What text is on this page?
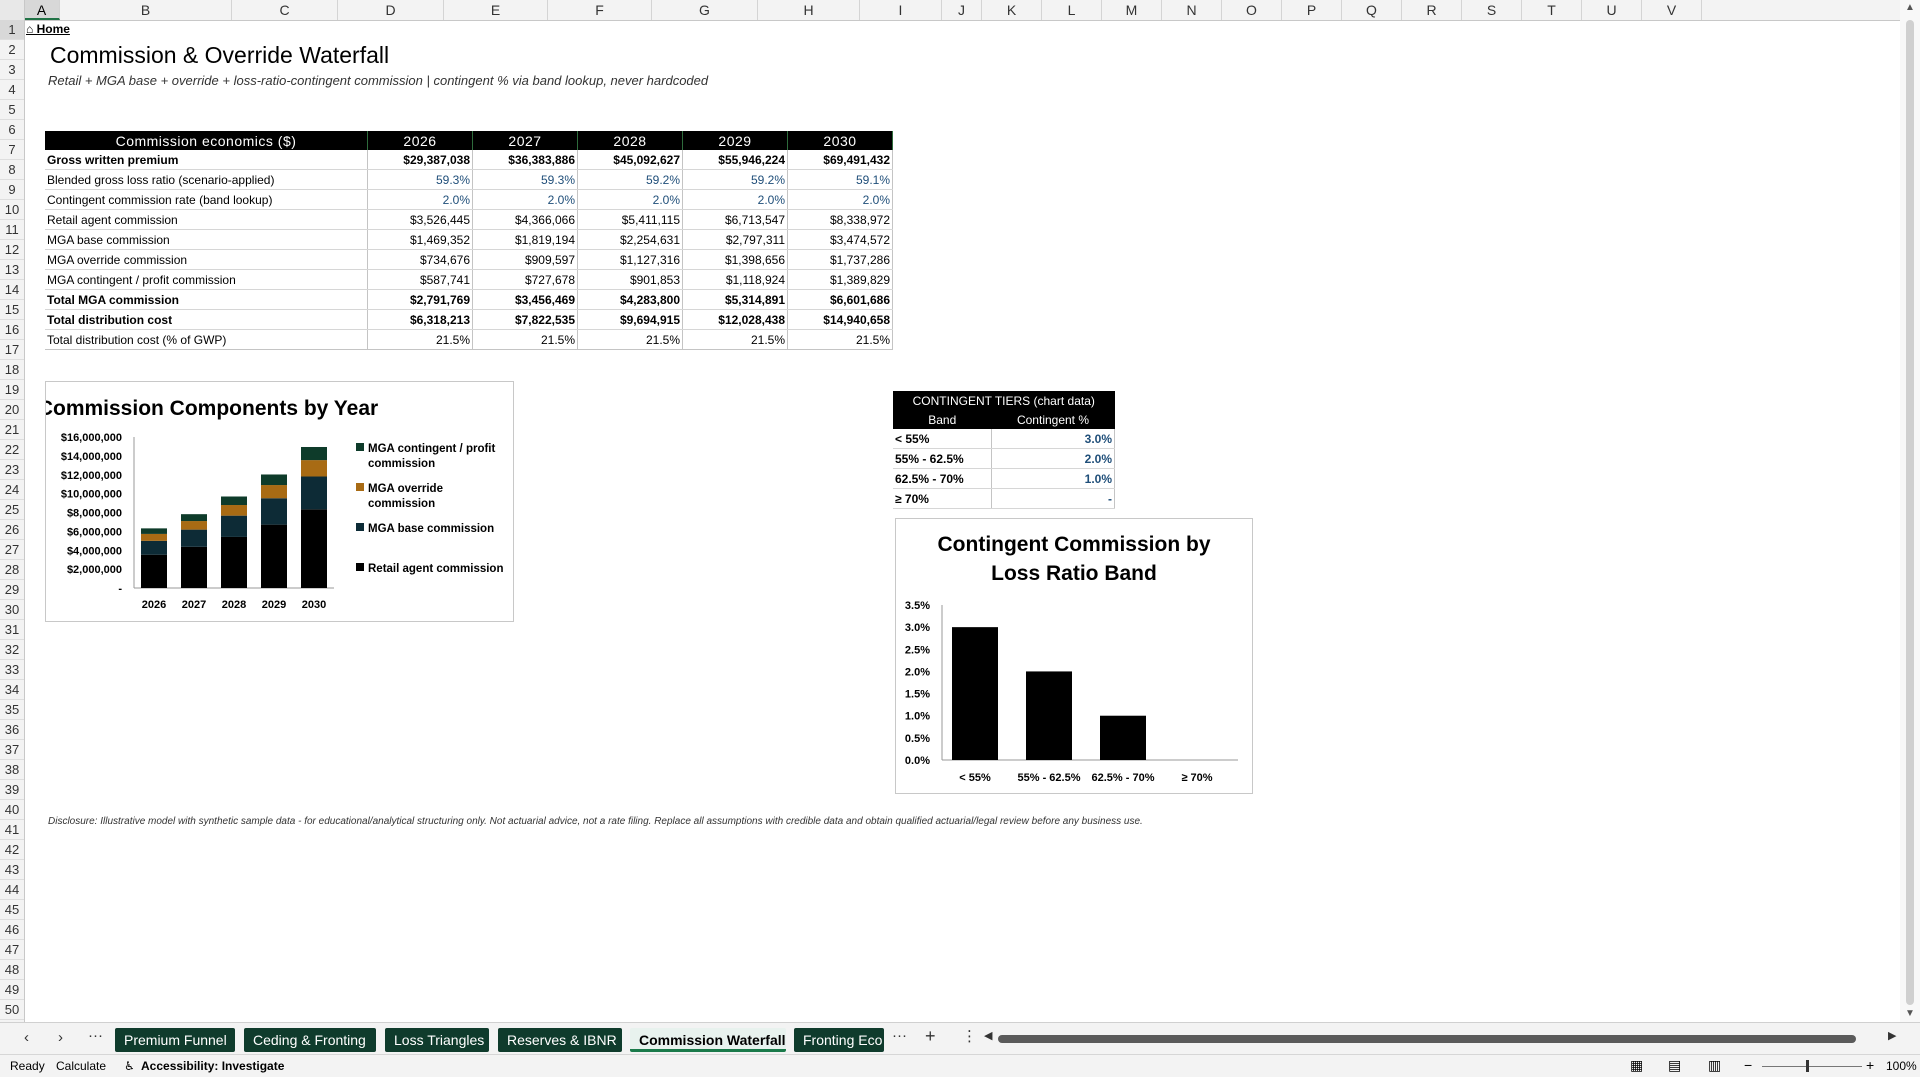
A	B	C	D	E	F	G	H	I	J	K	L	M	N	O	P	Q	R	S	T	U	V
1
2
3
4
5
6
7
8
9
10
11
12
13
14
15
16
17
18
19
20
21
22
23
24
25
26
27
28
29
30
31
32
33
34
35
36
37
38
39
40
41
42
43
44
45
46
47
48
49
50
▲
▼
⌂ Home
Commission & Override Waterfall
Retail + MGA base + override + loss-ratio-contingent commission | contingent % via band lookup, never hardcoded
Commission economics ($)	2026	2027	2028	2029	2030
Gross written premium	$29,387,038	$36,383,886	$45,092,627	$55,946,224	$69,491,432
Blended gross loss ratio (scenario-applied)	59.3%	59.3%	59.2%	59.2%	59.1%
Contingent commission rate (band lookup)	2.0%	2.0%	2.0%	2.0%	2.0%
Retail agent commission	$3,526,445	$4,366,066	$5,411,115	$6,713,547	$8,338,972
MGA base commission	$1,469,352	$1,819,194	$2,254,631	$2,797,311	$3,474,572
MGA override commission	$734,676	$909,597	$1,127,316	$1,398,656	$1,737,286
MGA contingent / profit commission	$587,741	$727,678	$901,853	$1,118,924	$1,389,829
Total MGA commission	$2,791,769	$3,456,469	$4,283,800	$5,314,891	$6,601,686
Total distribution cost	$6,318,213	$7,822,535	$9,694,915	$12,028,438	$14,940,658
Total distribution cost (% of GWP)	21.5%	21.5%	21.5%	21.5%	21.5%
CONTINGENT TIERS (chart data)	
Band	Contingent %
< 55%	3.0%
55% - 62.5%	2.0%
62.5% - 70%	1.0%
≥ 70%	-
Commission Components by Year
-
$2,000,000
$4,000,000
$6,000,000
$8,000,000
$10,000,000
$12,000,000
$14,000,000
$16,000,000
2026 2027 2028 2029 2030
MGA contingent / profit
commission
MGA override
commission
MGA base commission
Retail agent commission
Contingent Commission by
Loss Ratio Band
0.0%
0.5%
1.0%
1.5%
2.0%
2.5%
3.0%
3.5%
< 55% 55% - 62.5% 62.5% - 70% ≥ 70%
Disclosure: Illustrative model with synthetic sample data - for educational/analytical structuring only. Not actuarial advice, not a rate filing. Replace all assumptions with credible data and obtain qualified actuarial/legal review before any business use.
‹ › ···	Premium Funnel	Ceding & Fronting	Loss Triangles	Reserves & IBNR	Commission Waterfall	Fronting Eco ··· + ⋮ ◀	▶
Ready Calculate ♿ Accessibility: Investigate	▦ ▤ ▥ −	+ 100%
